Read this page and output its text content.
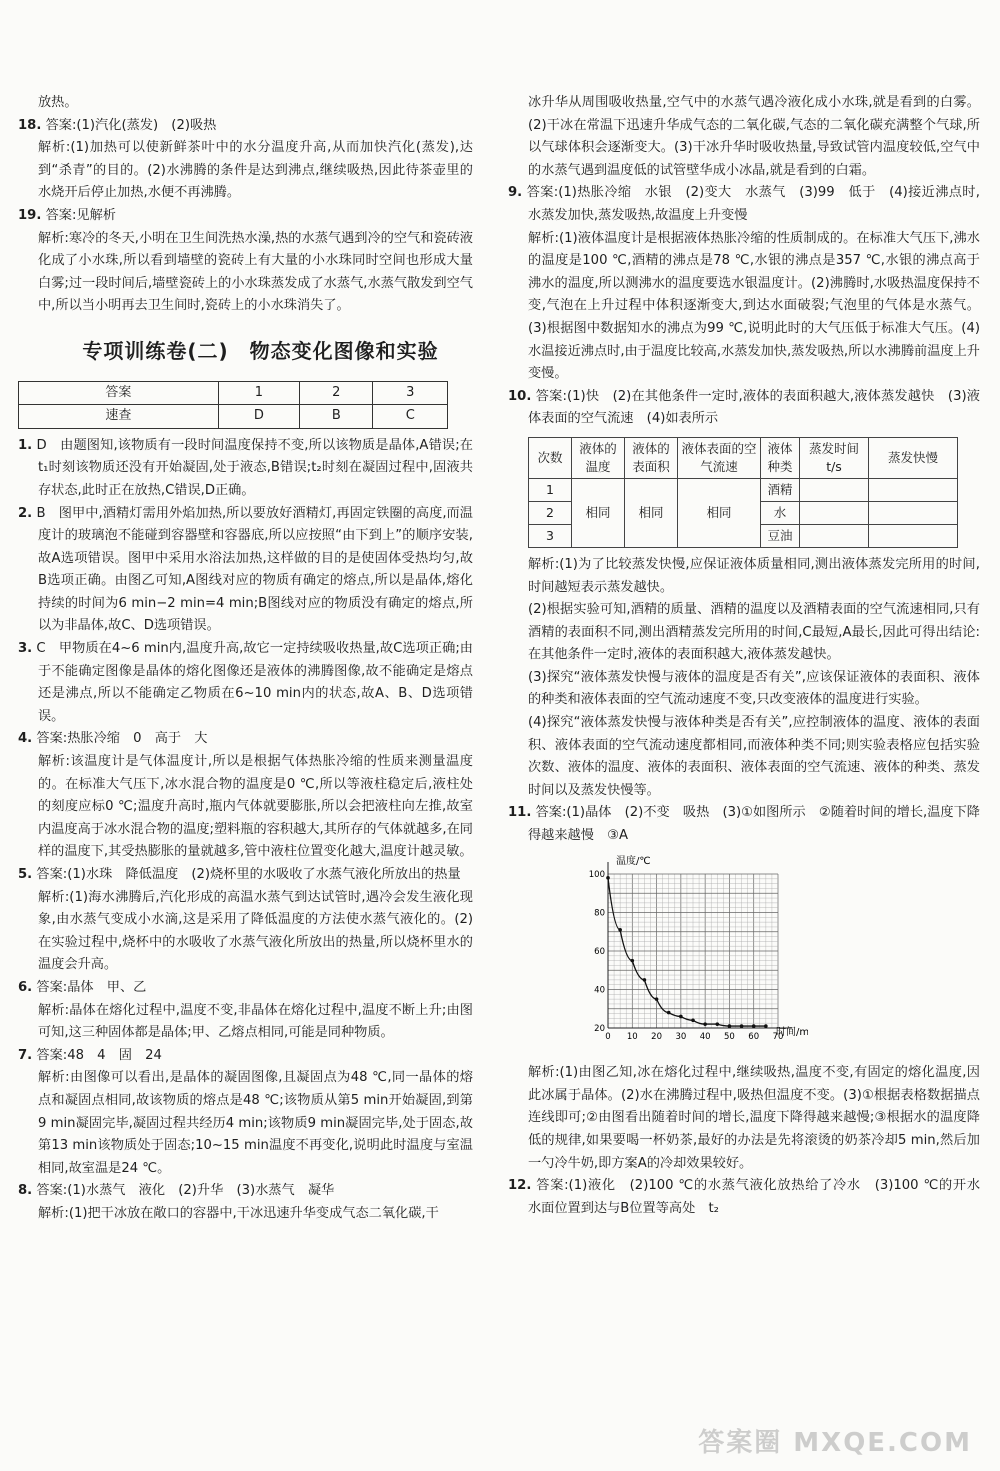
放热。

18. 答案:(1)汽化(蒸发)　(2)吸热

解析:(1)加热可以使新鲜茶叶中的水分温度升高,从而加快汽化(蒸发),达到“杀青”的目的。(2)水沸腾的条件是达到沸点,继续吸热,因此待茶壶里的水烧开后停止加热,水便不再沸腾。

19. 答案:见解析

解析:寒冷的冬天,小明在卫生间洗热水澡,热的水蒸气遇到冷的空气和瓷砖液化成了小水珠,所以看到墙壁的瓷砖上有大量的小水珠同时空间也形成大量白雾;过一段时间后,墙壁瓷砖上的小水珠蒸发成了水蒸气,水蒸气散发到空气中,所以当小明再去卫生间时,瓷砖上的小水珠消失了。

专项训练卷(二)　物态变化图像和实验
答案	1	2	3
速查	D	B	C

1. D　由题图知,该物质有一段时间温度保持不变,所以该物质是晶体,A错误;在t₁时刻该物质还没有开始凝固,处于液态,B错误;t₂时刻在凝固过程中,固液共存状态,此时正在放热,C错误,D正确。

2. B　图甲中,酒精灯需用外焰加热,所以要放好酒精灯,再固定铁圈的高度,而温度计的玻璃泡不能碰到容器壁和容器底,所以应按照“由下到上”的顺序安装,故A选项错误。图甲中采用水浴法加热,这样做的目的是使固体受热均匀,故B选项正确。由图乙可知,A图线对应的物质有确定的熔点,所以是晶体,熔化持续的时间为6 min−2 min=4 min;B图线对应的物质没有确定的熔点,所以为非晶体,故C、D选项错误。

3. C　甲物质在4~6 min内,温度升高,故它一定持续吸收热量,故C选项正确;由于不能确定图像是晶体的熔化图像还是液体的沸腾图像,故不能确定是熔点还是沸点,所以不能确定乙物质在6~10 min内的状态,故A、B、D选项错误。

4. 答案:热胀冷缩　0　高于　大

解析:该温度计是气体温度计,所以是根据气体热胀冷缩的性质来测量温度的。在标准大气压下,冰水混合物的温度是0 ℃,所以等液柱稳定后,液柱处的刻度应标0 ℃;温度升高时,瓶内气体就要膨胀,所以会把液柱向左推,故室内温度高于冰水混合物的温度;塑料瓶的容积越大,其所存的气体就越多,在同样的温度下,其受热膨胀的量就越多,管中液柱位置变化越大,温度计越灵敏。

5. 答案:(1)水珠　降低温度　(2)烧杯里的水吸收了水蒸气液化所放出的热量

解析:(1)海水沸腾后,汽化形成的高温水蒸气到达试管时,遇冷会发生液化现象,由水蒸气变成小水滴,这是采用了降低温度的方法使水蒸气液化的。(2)在实验过程中,烧杯中的水吸收了水蒸气液化所放出的热量,所以烧杯里水的温度会升高。

6. 答案:晶体　甲、乙

解析:晶体在熔化过程中,温度不变,非晶体在熔化过程中,温度不断上升;由图可知,这三种固体都是晶体;甲、乙熔点相同,可能是同种物质。

7. 答案:48　4　固　24

解析:由图像可以看出,是晶体的凝固图像,且凝固点为48 ℃,同一晶体的熔点和凝固点相同,故该物质的熔点是48 ℃;该物质从第5 min开始凝固,到第9 min凝固完毕,凝固过程共经历4 min;该物质9 min凝固完毕,处于固态,故第13 min该物质处于固态;10~15 min温度不再变化,说明此时温度与室温相同,故室温是24 ℃。

8. 答案:(1)水蒸气　液化　(2)升华　(3)水蒸气　凝华

解析:(1)把干冰放在敞口的容器中,干冰迅速升华变成气态二氧化碳,干

冰升华从周围吸收热量,空气中的水蒸气遇冷液化成小水珠,就是看到的白雾。(2)干冰在常温下迅速升华成气态的二氧化碳,气态的二氧化碳充满整个气球,所以气球体积会逐渐变大。(3)干冰升华时吸收热量,导致试管内温度较低,空气中的水蒸气遇到温度低的试管壁华成小冰晶,就是看到的白霜。

9. 答案:(1)热胀冷缩　水银　(2)变大　水蒸气　(3)99　低于　(4)接近沸点时,水蒸发加快,蒸发吸热,故温度上升变慢

解析:(1)液体温度计是根据液体热胀冷缩的性质制成的。在标准大气压下,沸水的温度是100 ℃,酒精的沸点是78 ℃,水银的沸点是357 ℃,水银的沸点高于沸水的温度,所以测沸水的温度要选水银温度计。(2)沸腾时,水吸热温度保持不变,气泡在上升过程中体积逐渐变大,到达水面破裂;气泡里的气体是水蒸气。(3)根据图中数据知水的沸点为99 ℃,说明此时的大气压低于标准大气压。(4)水温接近沸点时,由于温度比较高,水蒸发加快,蒸发吸热,所以水沸腾前温度上升变慢。

10. 答案:(1)快　(2)在其他条件一定时,液体的表面积越大,液体蒸发越快　(3)液体表面的空气流速　(4)如表所示

次数	液体的温度	液体的表面积	液体表面的空气流速	液体种类	蒸发时间t/s	蒸发快慢
1	相同	相同	相同	酒精		
2				水		
3				豆油		

解析:(1)为了比较蒸发快慢,应保证液体质量相同,测出液体蒸发完所用的时间,时间越短表示蒸发越快。

(2)根据实验可知,酒精的质量、酒精的温度以及酒精表面的空气流速相同,只有酒精的表面积不同,测出酒精蒸发完所用的时间,C最短,A最长,因此可得出结论:在其他条件一定时,液体的表面积越大,液体蒸发越快。

(3)探究“液体蒸发快慢与液体的温度是否有关”,应该保证液体的表面积、液体的种类和液体表面的空气流动速度不变,只改变液体的温度进行实验。

(4)探究“液体蒸发快慢与液体种类是否有关”,应控制液体的温度、液体的表面积、液体表面的空气流动速度都相同,而液体种类不同;则实验表格应包括实验次数、液体的温度、液体的表面积、液体表面的空气流速、液体的种类、蒸发时间以及蒸发快慢等。

11. 答案:(1)晶体　(2)不变　吸热　(3)①如图所示　②随着时间的增长,温度下降得越来越慢　③A

0 10 20 30 40 50 60 70
20
40
60
80
100
温度/℃
时间/m

解析:(1)由图乙知,冰在熔化过程中,继续吸热,温度不变,有固定的熔化温度,因此冰属于晶体。(2)水在沸腾过程中,吸热但温度不变。(3)①根据表格数据描点连线即可;②由图看出随着时间的增长,温度下降得越来越慢;③根据水的温度降低的规律,如果要喝一杯奶茶,最好的办法是先将滚烫的奶茶冷却5 min,然后加一勺冷牛奶,即方案A的冷却效果较好。

12. 答案:(1)液化　(2)100 ℃的水蒸气液化放热给了冷水　(3)100 ℃的开水　水面位置到达与B位置等高处　t₂

答案圈 MXQE.COM
